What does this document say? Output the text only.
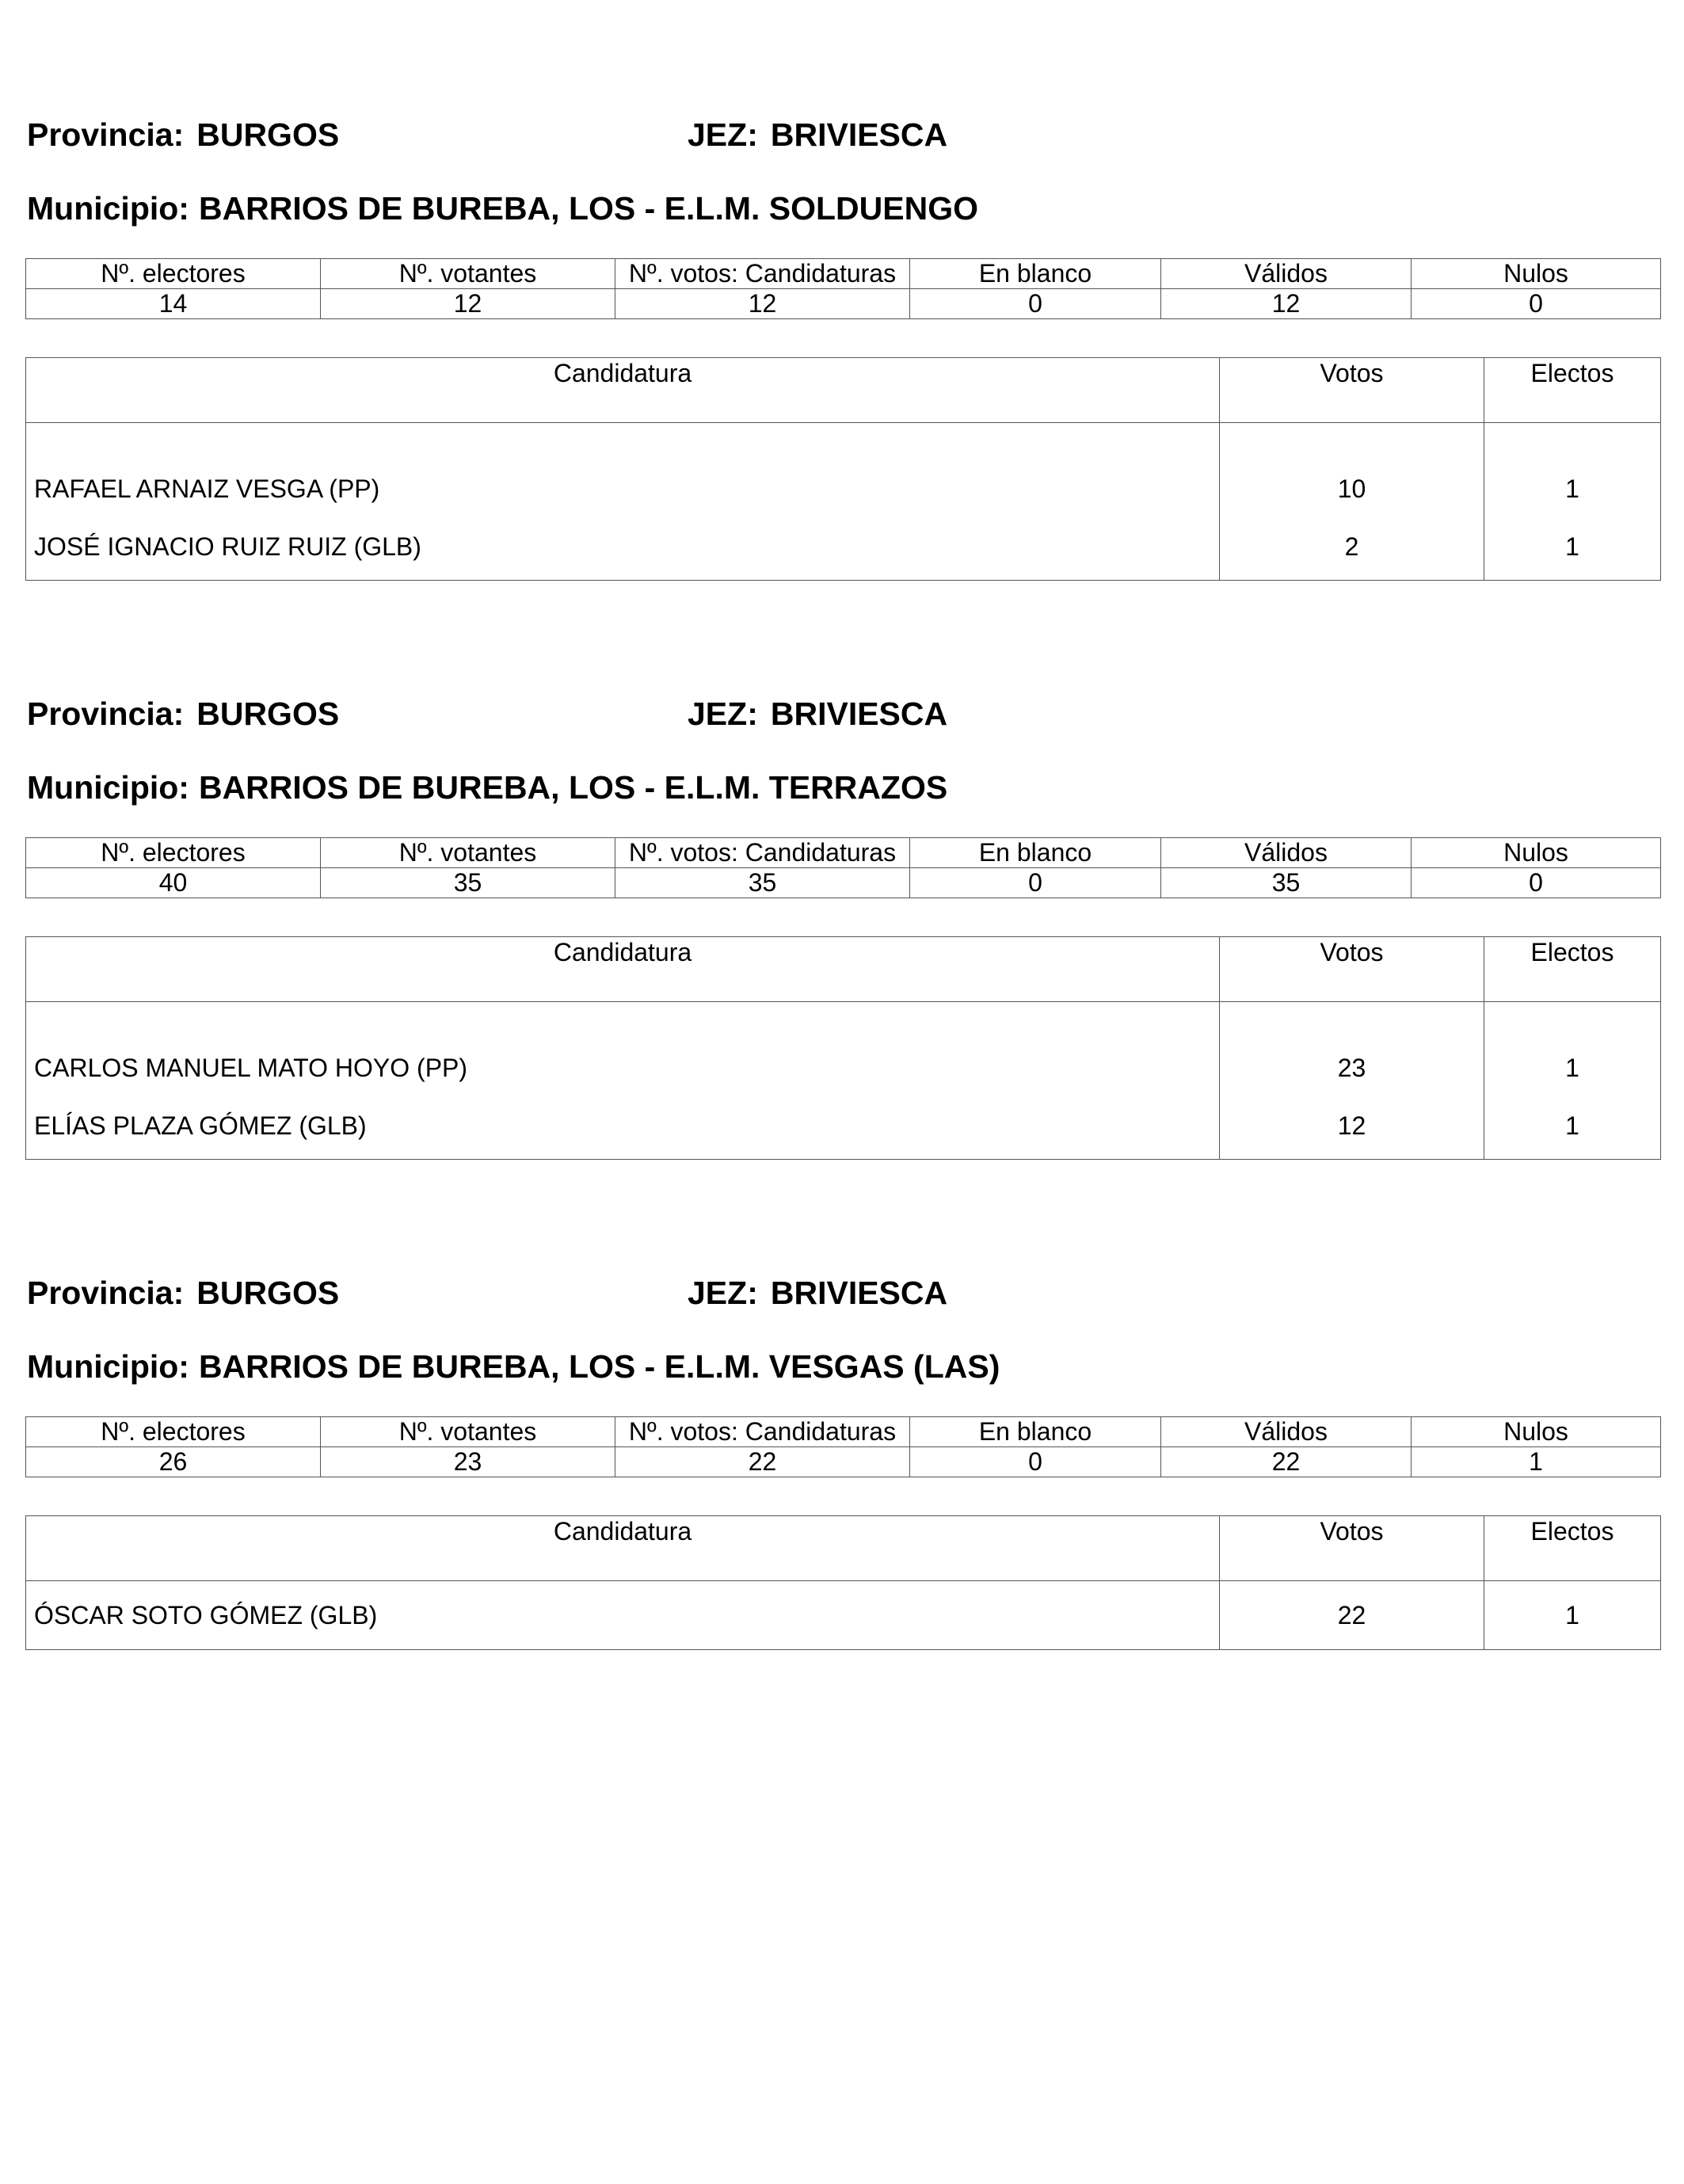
Provincia: BURGOS	JEZ: BRIVIESCA
Municipio: BARRIOS DE BUREBA, LOS - E.L.M. SOLDUENGO
Nº. electores	Nº. votantes	Nº. votos: Candidaturas	En blanco	Válidos	Nulos
14	12	12	0	12	0
Candidatura	Votos	Electos
RAFAEL ARNAIZ VESGA (PP)	10	1
JOSÉ IGNACIO RUIZ RUIZ (GLB)	2	1
Provincia: BURGOS	JEZ: BRIVIESCA
Municipio: BARRIOS DE BUREBA, LOS - E.L.M. TERRAZOS
Nº. electores	Nº. votantes	Nº. votos: Candidaturas	En blanco	Válidos	Nulos
40	35	35	0	35	0
Candidatura	Votos	Electos
CARLOS MANUEL MATO HOYO (PP)	23	1
ELÍAS PLAZA GÓMEZ (GLB)	12	1
Provincia: BURGOS	JEZ: BRIVIESCA
Municipio: BARRIOS DE BUREBA, LOS - E.L.M. VESGAS (LAS)
Nº. electores	Nº. votantes	Nº. votos: Candidaturas	En blanco	Válidos	Nulos
26	23	22	0	22	1
Candidatura	Votos	Electos
ÓSCAR SOTO GÓMEZ (GLB)	22	1
